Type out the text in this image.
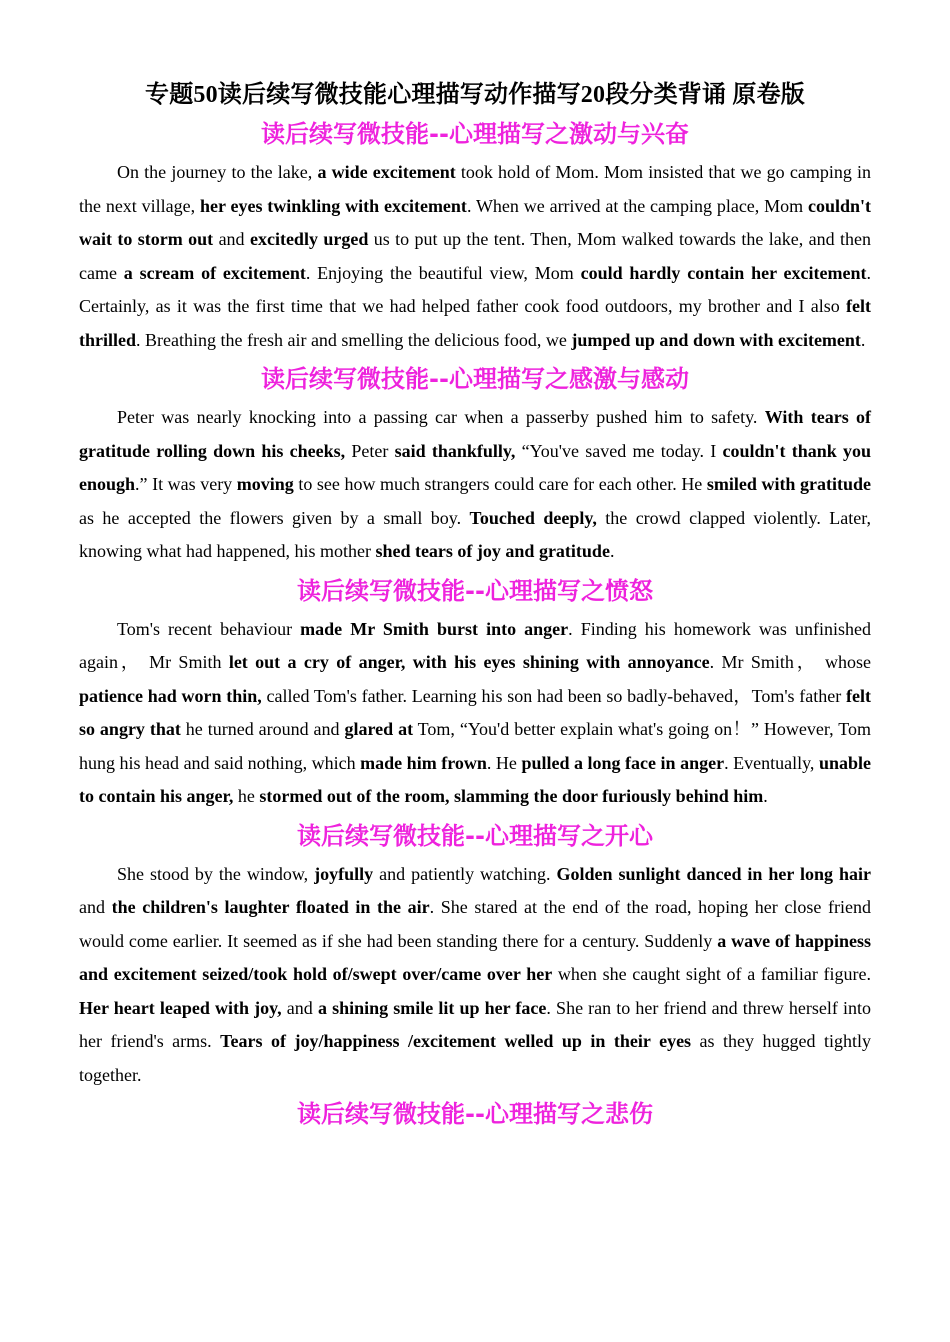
专题50读后续写微技能心理描写动作描写20段分类背诵 原卷版
读后续写微技能--心理描写之激动与兴奋

On the journey to the lake, a wide excitement took hold of Mom. Mom insisted that we go camping in the next village, her eyes twinkling with excitement. When we arrived at the camping place, Mom couldn't wait to storm out and excitedly urged us to put up the tent. Then, Mom walked towards the lake, and then came a scream of excitement. Enjoying the beautiful view, Mom could hardly contain her excitement. Certainly, as it was the first time that we had helped father cook food outdoors, my brother and I also felt thrilled. Breathing the fresh air and smelling the delicious food, we jumped up and down with excitement.

读后续写微技能--心理描写之感激与感动

Peter was nearly knocking into a passing car when a passerby pushed him to safety. With tears of gratitude rolling down his cheeks, Peter said thankfully, “You've saved me today. I couldn't thank you enough.” It was very moving to see how much strangers could care for each other. He smiled with gratitude as he accepted the flowers given by a small boy. Touched deeply, the crowd clapped violently. Later, knowing what had happened, his mother shed tears of joy and gratitude.

读后续写微技能--心理描写之愤怒

Tom's recent behaviour made Mr Smith burst into anger. Finding his homework was unfinished again， Mr Smith let out a cry of anger, with his eyes shining with annoyance. Mr Smith， whose patience had worn thin, called Tom's father. Learning his son had been so badly-behaved，Tom's father felt so angry that he turned around and glared at Tom, “You'd better explain what's going on！” However, Tom hung his head and said nothing, which made him frown. He pulled a long face in anger. Eventually, unable to contain his anger, he stormed out of the room, slamming the door furiously behind him.

读后续写微技能--心理描写之开心

She stood by the window, joyfully and patiently watching. Golden sunlight danced in her long hair and the children's laughter floated in the air. She stared at the end of the road, hoping her close friend would come earlier. It seemed as if she had been standing there for a century. Suddenly a wave of happiness and excitement seized/took hold of/swept over/came over her when she caught sight of a familiar figure. Her heart leaped with joy, and a shining smile lit up her face. She ran to her friend and threw herself into her friend's arms. Tears of joy/happiness /excitement welled up in their eyes as they hugged tightly together.

读后续写微技能--心理描写之悲伤
